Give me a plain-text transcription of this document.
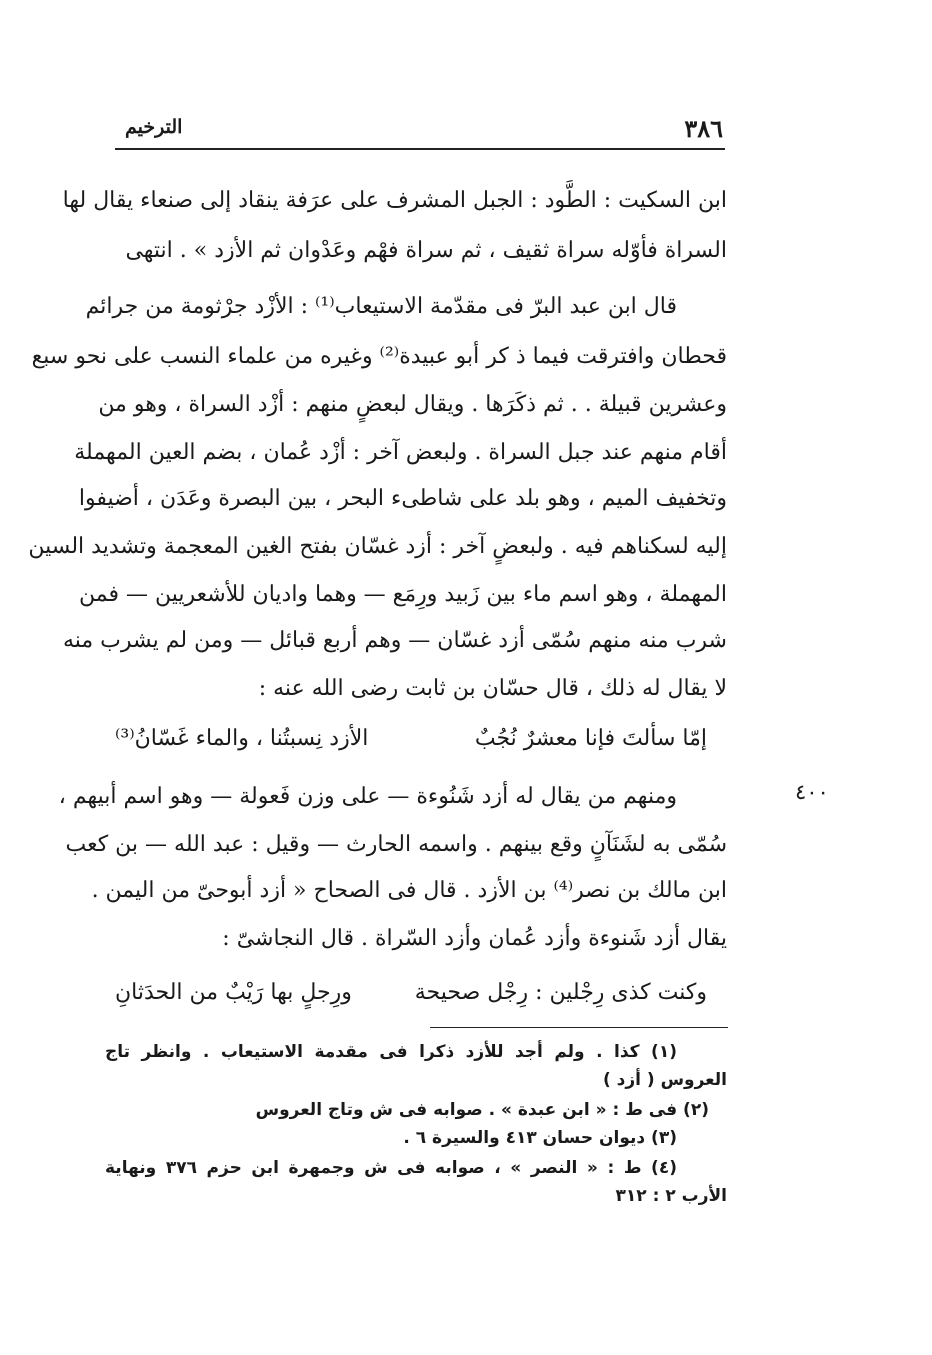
٣٨٦
الترخيم
٤٠٠
ابن السكيت : الطَّود : الجبل المشرف على عرَفة ينقاد إلى صنعاء يقال لها
السراة فأوّله سراة ثقيف ، ثم سراة فهْم وعَدْوان ثم الأزد » . انتهى
قال ابن عبد البرّ فى مقدّمة الاستيعاب⁽¹⁾ : الأزْد جرْثومة من جرائم
قحطان وافترقت فيما ذ كر أبو عبيدة⁽²⁾ وغيره من علماء النسب على نحو سبع
وعشرين قبيلة . . ثم ذكَرَها . ويقال لبعضٍ منهم : أزْد السراة ، وهو من
أقام منهم عند جبل السراة . ولبعض آخر : أزْد عُمان ، بضم العين المهملة
وتخفيف الميم ، وهو بلد على شاطىء البحر ، بين البصرة وعَدَن ، أضيفوا
إليه لسكناهم فيه . ولبعضٍ آخر : أزد غسّان بفتح الغين المعجمة وتشديد السين
المهملة ، وهو اسم ماء بين زَبيد ورِمَع — وهما واديان للأشعريين — فمن
شرب منه منهم سُمّى أزد غسّان — وهم أربع قبائل — ومن لم يشرب منه
لا يقال له ذلك ، قال حسّان بن ثابت رضى الله عنه :
إمّا سألتَ فإنا معشرٌ نُجُبٌ
الأزد نِسبتُنا ، والماء غَسّانُ⁽³⁾
ومنهم من يقال له أزد شَنُوءة — على وزن فَعولة — وهو اسم أبيهم ،
سُمّى به لشَنَآنٍ وقع بينهم . واسمه الحارث — وقيل : عبد الله — بن كعب
ابن مالك بن نصر⁽⁴⁾ بن الأزد . قال فى الصحاح « أزد أبوحىّ من اليمن .
يقال أزد شَنوءة وأزد عُمان وأزد السّراة . قال النجاشىّ :
وكنت كذى رِجْلين : رِجْل صحيحة
ورِجلٍ بها رَيْبٌ من الحدَثانِ
(١) كذا . ولم أجد للأزد ذكرا فى مقدمة الاستيعاب . وانظر تاج
العروس ( أزد )
(٢) فى ط : « ابن عبدة » . صوابه فى ش وتاج العروس
(٣) ديوان حسان ٤١٣ والسيرة ٦ .
(٤) ط : « النصر » ، صوابه فى ش وجمهرة ابن حزم ٣٧٦ ونهاية
الأرب ٢ : ٣١٢
